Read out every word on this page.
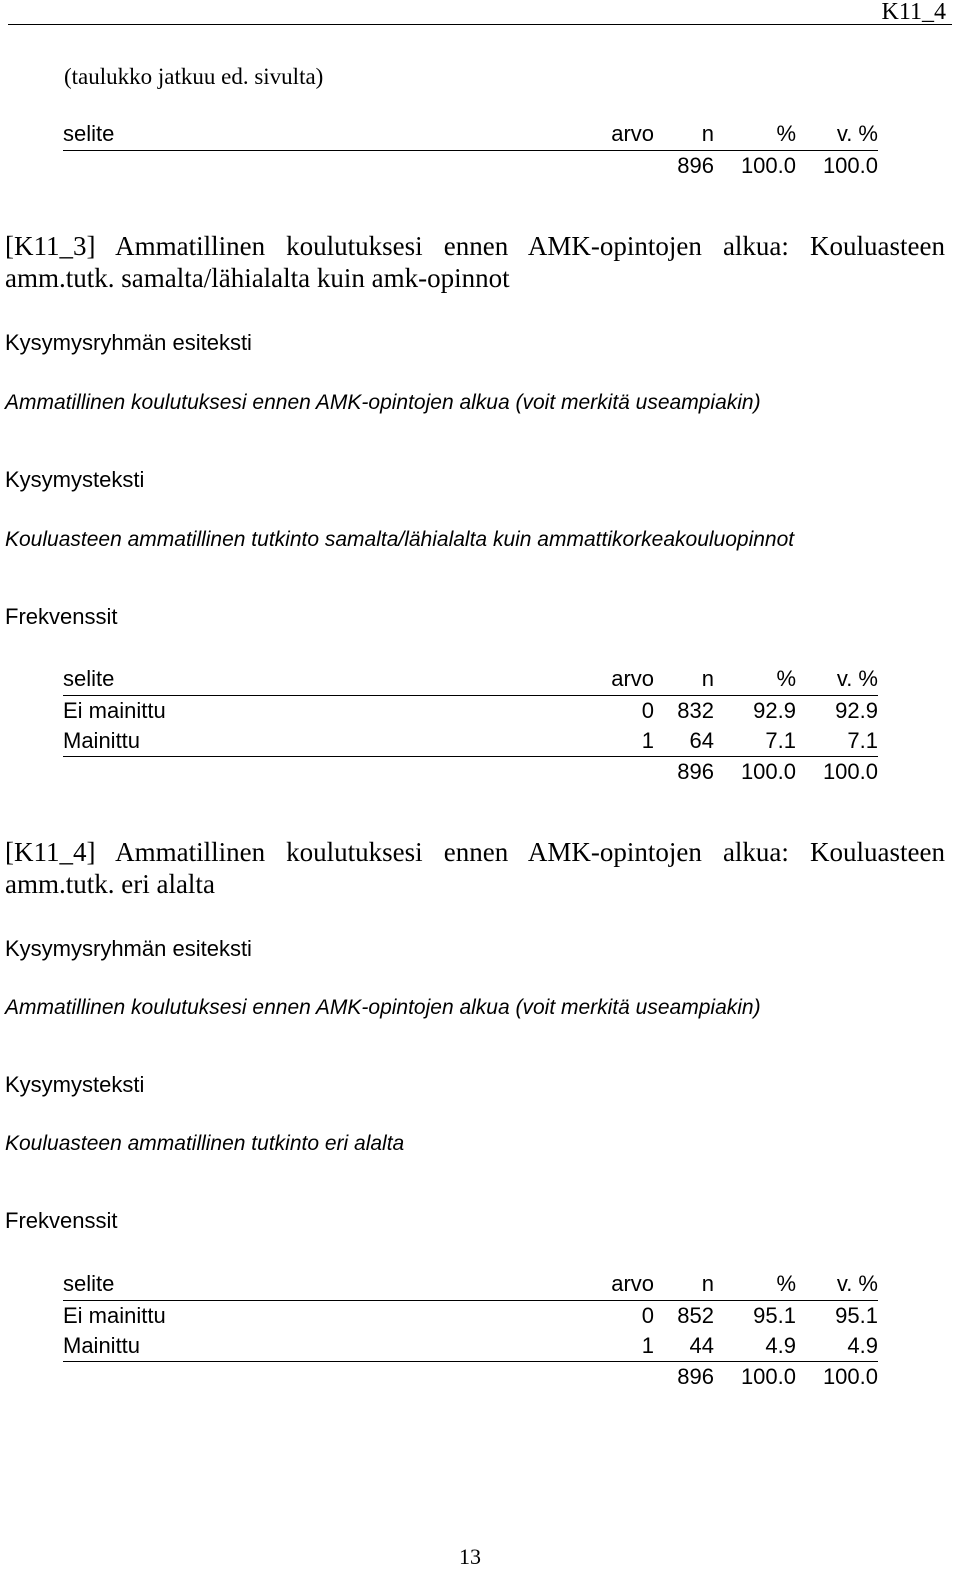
K11_4
(taulukko jatkuu ed. sivulta)
selite	arvo	n	%	v. %
		896	100.0	100.0
[K11_3] Ammatillinen koulutuksesi ennen AMK-opintojen alkua: Kouluasteen amm.tutk. samalta/lähialalta kuin amk-opinnot
Kysymysryhmän esiteksti
Ammatillinen koulutuksesi ennen AMK-opintojen alkua (voit merkitä useampiakin)
Kysymysteksti
Kouluasteen ammatillinen tutkinto samalta/lähialalta kuin ammattikorkeakouluopinnot
Frekvenssit
selite	arvo	n	%	v. %
Ei mainittu	0	832	92.9	92.9
Mainittu	1	64	7.1	7.1
		896	100.0	100.0
[K11_4] Ammatillinen koulutuksesi ennen AMK-opintojen alkua: Kouluasteen amm.tutk. eri alalta
Kysymysryhmän esiteksti
Ammatillinen koulutuksesi ennen AMK-opintojen alkua (voit merkitä useampiakin)
Kysymysteksti
Kouluasteen ammatillinen tutkinto eri alalta
Frekvenssit
selite	arvo	n	%	v. %
Ei mainittu	0	852	95.1	95.1
Mainittu	1	44	4.9	4.9
		896	100.0	100.0
13
